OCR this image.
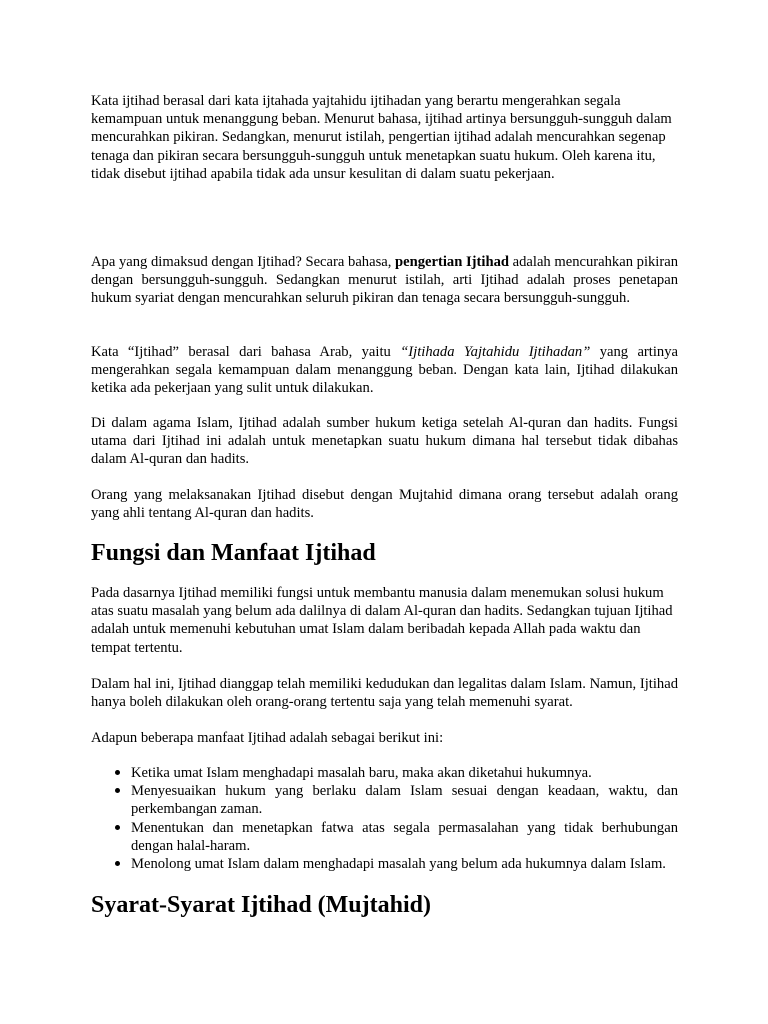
Kata ijtihad berasal dari kata ijtahada yajtahidu ijtihadan yang berartu mengerahkan segala kemampuan untuk menanggung beban. Menurut bahasa, ijtihad artinya bersungguh-sungguh dalam mencurahkan pikiran. Sedangkan, menurut istilah, pengertian ijtihad adalah mencurahkan segenap tenaga dan pikiran secara bersungguh-sungguh untuk menetapkan suatu hukum. Oleh karena itu, tidak disebut ijtihad apabila tidak ada unsur kesulitan di dalam suatu pekerjaan.

Apa yang dimaksud dengan Ijtihad? Secara bahasa, pengertian Ijtihad adalah mencurahkan pikiran dengan bersungguh-sungguh. Sedangkan menurut istilah, arti Ijtihad adalah proses penetapan hukum syariat dengan mencurahkan seluruh pikiran dan tenaga secara bersungguh-sungguh.

Kata “Ijtihad” berasal dari bahasa Arab, yaitu “Ijtihada Yajtahidu Ijtihadan” yang artinya mengerahkan segala kemampuan dalam menanggung beban. Dengan kata lain, Ijtihad dilakukan ketika ada pekerjaan yang sulit untuk dilakukan.

Di dalam agama Islam, Ijtihad adalah sumber hukum ketiga setelah Al-quran dan hadits. Fungsi utama dari Ijtihad ini adalah untuk menetapkan suatu hukum dimana hal tersebut tidak dibahas dalam Al-quran dan hadits.

Orang yang melaksanakan Ijtihad disebut dengan Mujtahid dimana orang tersebut adalah orang yang ahli tentang Al-quran dan hadits.

Fungsi dan Manfaat Ijtihad

Pada dasarnya Ijtihad memiliki fungsi untuk membantu manusia dalam menemukan solusi hukum atas suatu masalah yang belum ada dalilnya di dalam Al-quran dan hadits. Sedangkan tujuan Ijtihad adalah untuk memenuhi kebutuhan umat Islam dalam beribadah kepada Allah pada waktu dan tempat tertentu.

Dalam hal ini, Ijtihad dianggap telah memiliki kedudukan dan legalitas dalam Islam. Namun, Ijtihad hanya boleh dilakukan oleh orang-orang tertentu saja yang telah memenuhi syarat.

Adapun beberapa manfaat Ijtihad adalah sebagai berikut ini:

Ketika umat Islam menghadapi masalah baru, maka akan diketahui hukumnya.
Menyesuaikan hukum yang berlaku dalam Islam sesuai dengan keadaan, waktu, dan perkembangan zaman.
Menentukan dan menetapkan fatwa atas segala permasalahan yang tidak berhubungan dengan halal-haram.
Menolong umat Islam dalam menghadapi masalah yang belum ada hukumnya dalam Islam.
Syarat-Syarat Ijtihad (Mujtahid)
